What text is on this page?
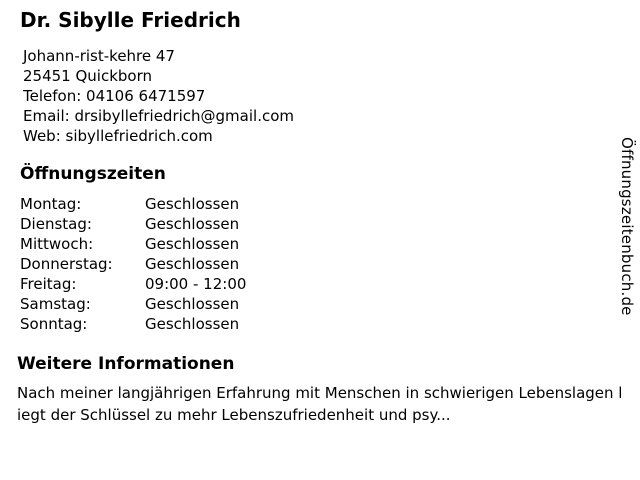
Dr. Sibylle Friedrich
Johann-rist-kehre 47
25451 Quickborn
Telefon: 04106 6471597
Email: drsibyllefriedrich@gmail.com
Web: sibyllefriedrich.com
Öffnungszeiten
Montag:	Geschlossen
Dienstag:	Geschlossen
Mittwoch:	Geschlossen
Donnerstag:	Geschlossen
Freitag:	09:00 - 12:00
Samstag:	Geschlossen
Sonntag:	Geschlossen
Weitere Informationen

Nach meiner langjährigen Erfahrung mit Menschen in schwierigen Lebenslagen liegt der Schlüssel zu mehr Lebenszufriedenheit und psy...

Öffnungszeitenbuch.de
